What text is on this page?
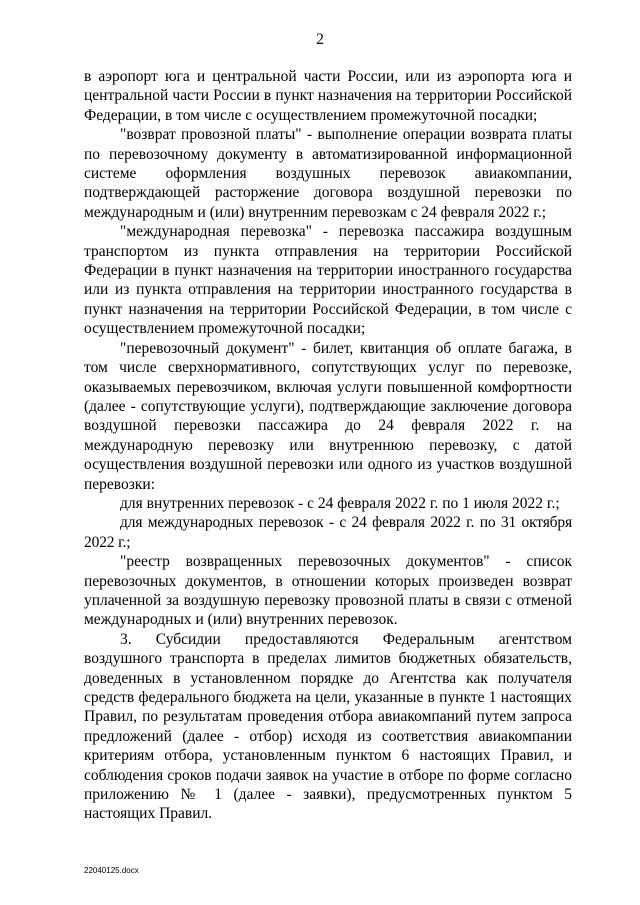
2

в аэропорт юга и центральной части России, или из аэропорта юга и центральной части России в пункт назначения на территории Российской Федерации, в том числе с осуществлением промежуточной посадки;

"возврат провозной платы" - выполнение операции возврата платы по перевозочному документу в автоматизированной информационной системе оформления воздушных перевозок авиакомпании, подтверждающей расторжение договора воздушной перевозки по международным и (или) внутренним перевозкам с 24 февраля 2022 г.;

"международная перевозка" - перевозка пассажира воздушным транспортом из пункта отправления на территории Российской Федерации в пункт назначения на территории иностранного государства или из пункта отправления на территории иностранного государства в пункт назначения на территории Российской Федерации, в том числе с осуществлением промежуточной посадки;

"перевозочный документ" - билет, квитанция об оплате багажа, в том числе сверхнормативного, сопутствующих услуг по перевозке, оказываемых перевозчиком, включая услуги повышенной комфортности (далее - сопутствующие услуги), подтверждающие заключение договора воздушной перевозки пассажира до 24 февраля 2022 г. на международную перевозку или внутреннюю перевозку, с датой осуществления воздушной перевозки или одного из участков воздушной перевозки:

для внутренних перевозок - с 24 февраля 2022 г. по 1 июля 2022 г.;

для международных перевозок - с 24 февраля 2022 г. по 31 октября 2022 г.;

"реестр возвращенных перевозочных документов" - список перевозочных документов, в отношении которых произведен возврат уплаченной за воздушную перевозку провозной платы в связи с отменой международных и (или) внутренних перевозок.

3. Субсидии предоставляются Федеральным агентством воздушного транспорта в пределах лимитов бюджетных обязательств, доведенных в установленном порядке до Агентства как получателя средств федерального бюджета на цели, указанные в пункте 1 настоящих Правил, по результатам проведения отбора авиакомпаний путем запроса предложений (далее - отбор) исходя из соответствия авиакомпании критериям отбора, установленным пунктом 6 настоящих Правил, и соблюдения сроков подачи заявок на участие в отборе по форме согласно приложению № 1 (далее - заявки), предусмотренных пунктом 5 настоящих Правил.

22040125.docx
